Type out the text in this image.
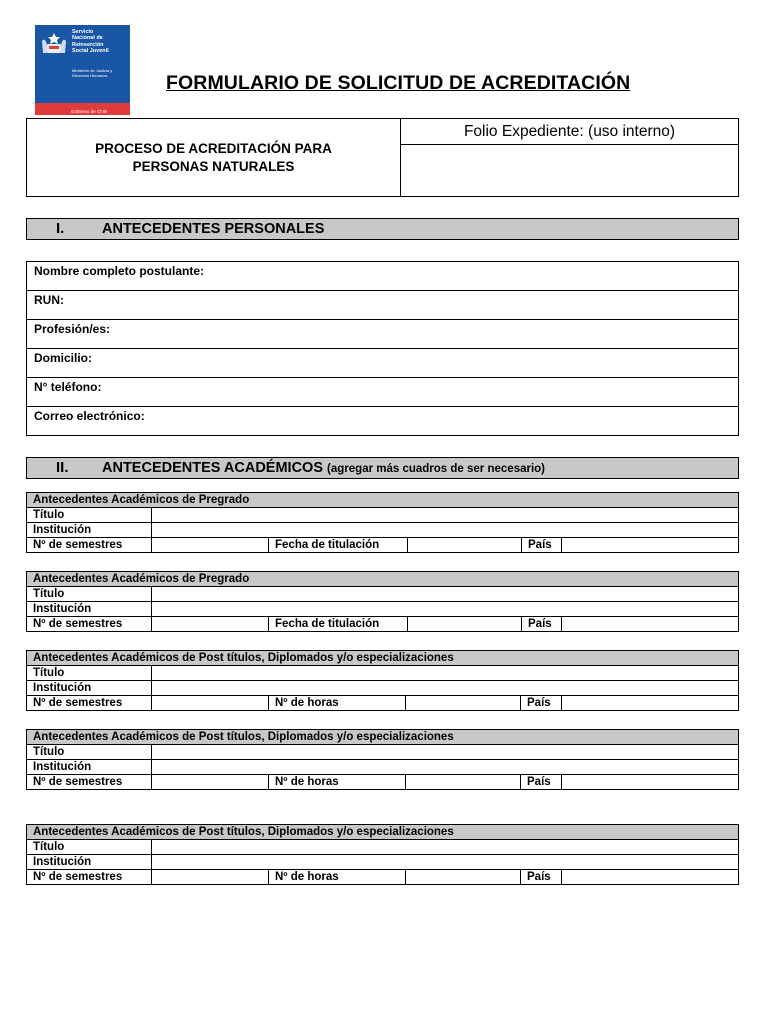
Servicio
Nacional de
Reinserción
Social Juvenil
Ministerio de Justicia y Derechos Humanos
Gobierno de Chile
FORMULARIO DE SOLICITUD DE ACREDITACIÓN
PROCESO DE ACREDITACIÓN PARA
PERSONAS NATURALES
Folio Expediente: (uso interno)
I.	ANTECEDENTES PERSONALES
Nombre completo postulante:

RUN:

Profesión/es:

Domicilio:

N° teléfono:

Correo electrónico:
II. ANTECEDENTES ACADÉMICOS (agregar más cuadros de ser necesario)
Antecedentes Académicos de Pregrado					
Título					
Institución					
Nº de semestres		Fecha de titulación		País	
Antecedentes Académicos de Pregrado					
Título					
Institución					
Nº de semestres		Fecha de titulación		País	
Antecedentes Académicos de Post títulos, Diplomados y/o especializaciones					
Título					
Institución					
Nº de semestres		Nº de horas		País	
Antecedentes Académicos de Post títulos, Diplomados y/o especializaciones					
Título					
Institución					
Nº de semestres		Nº de horas		País	
Antecedentes Académicos de Post títulos, Diplomados y/o especializaciones					
Título					
Institución					
Nº de semestres		Nº de horas		País	
